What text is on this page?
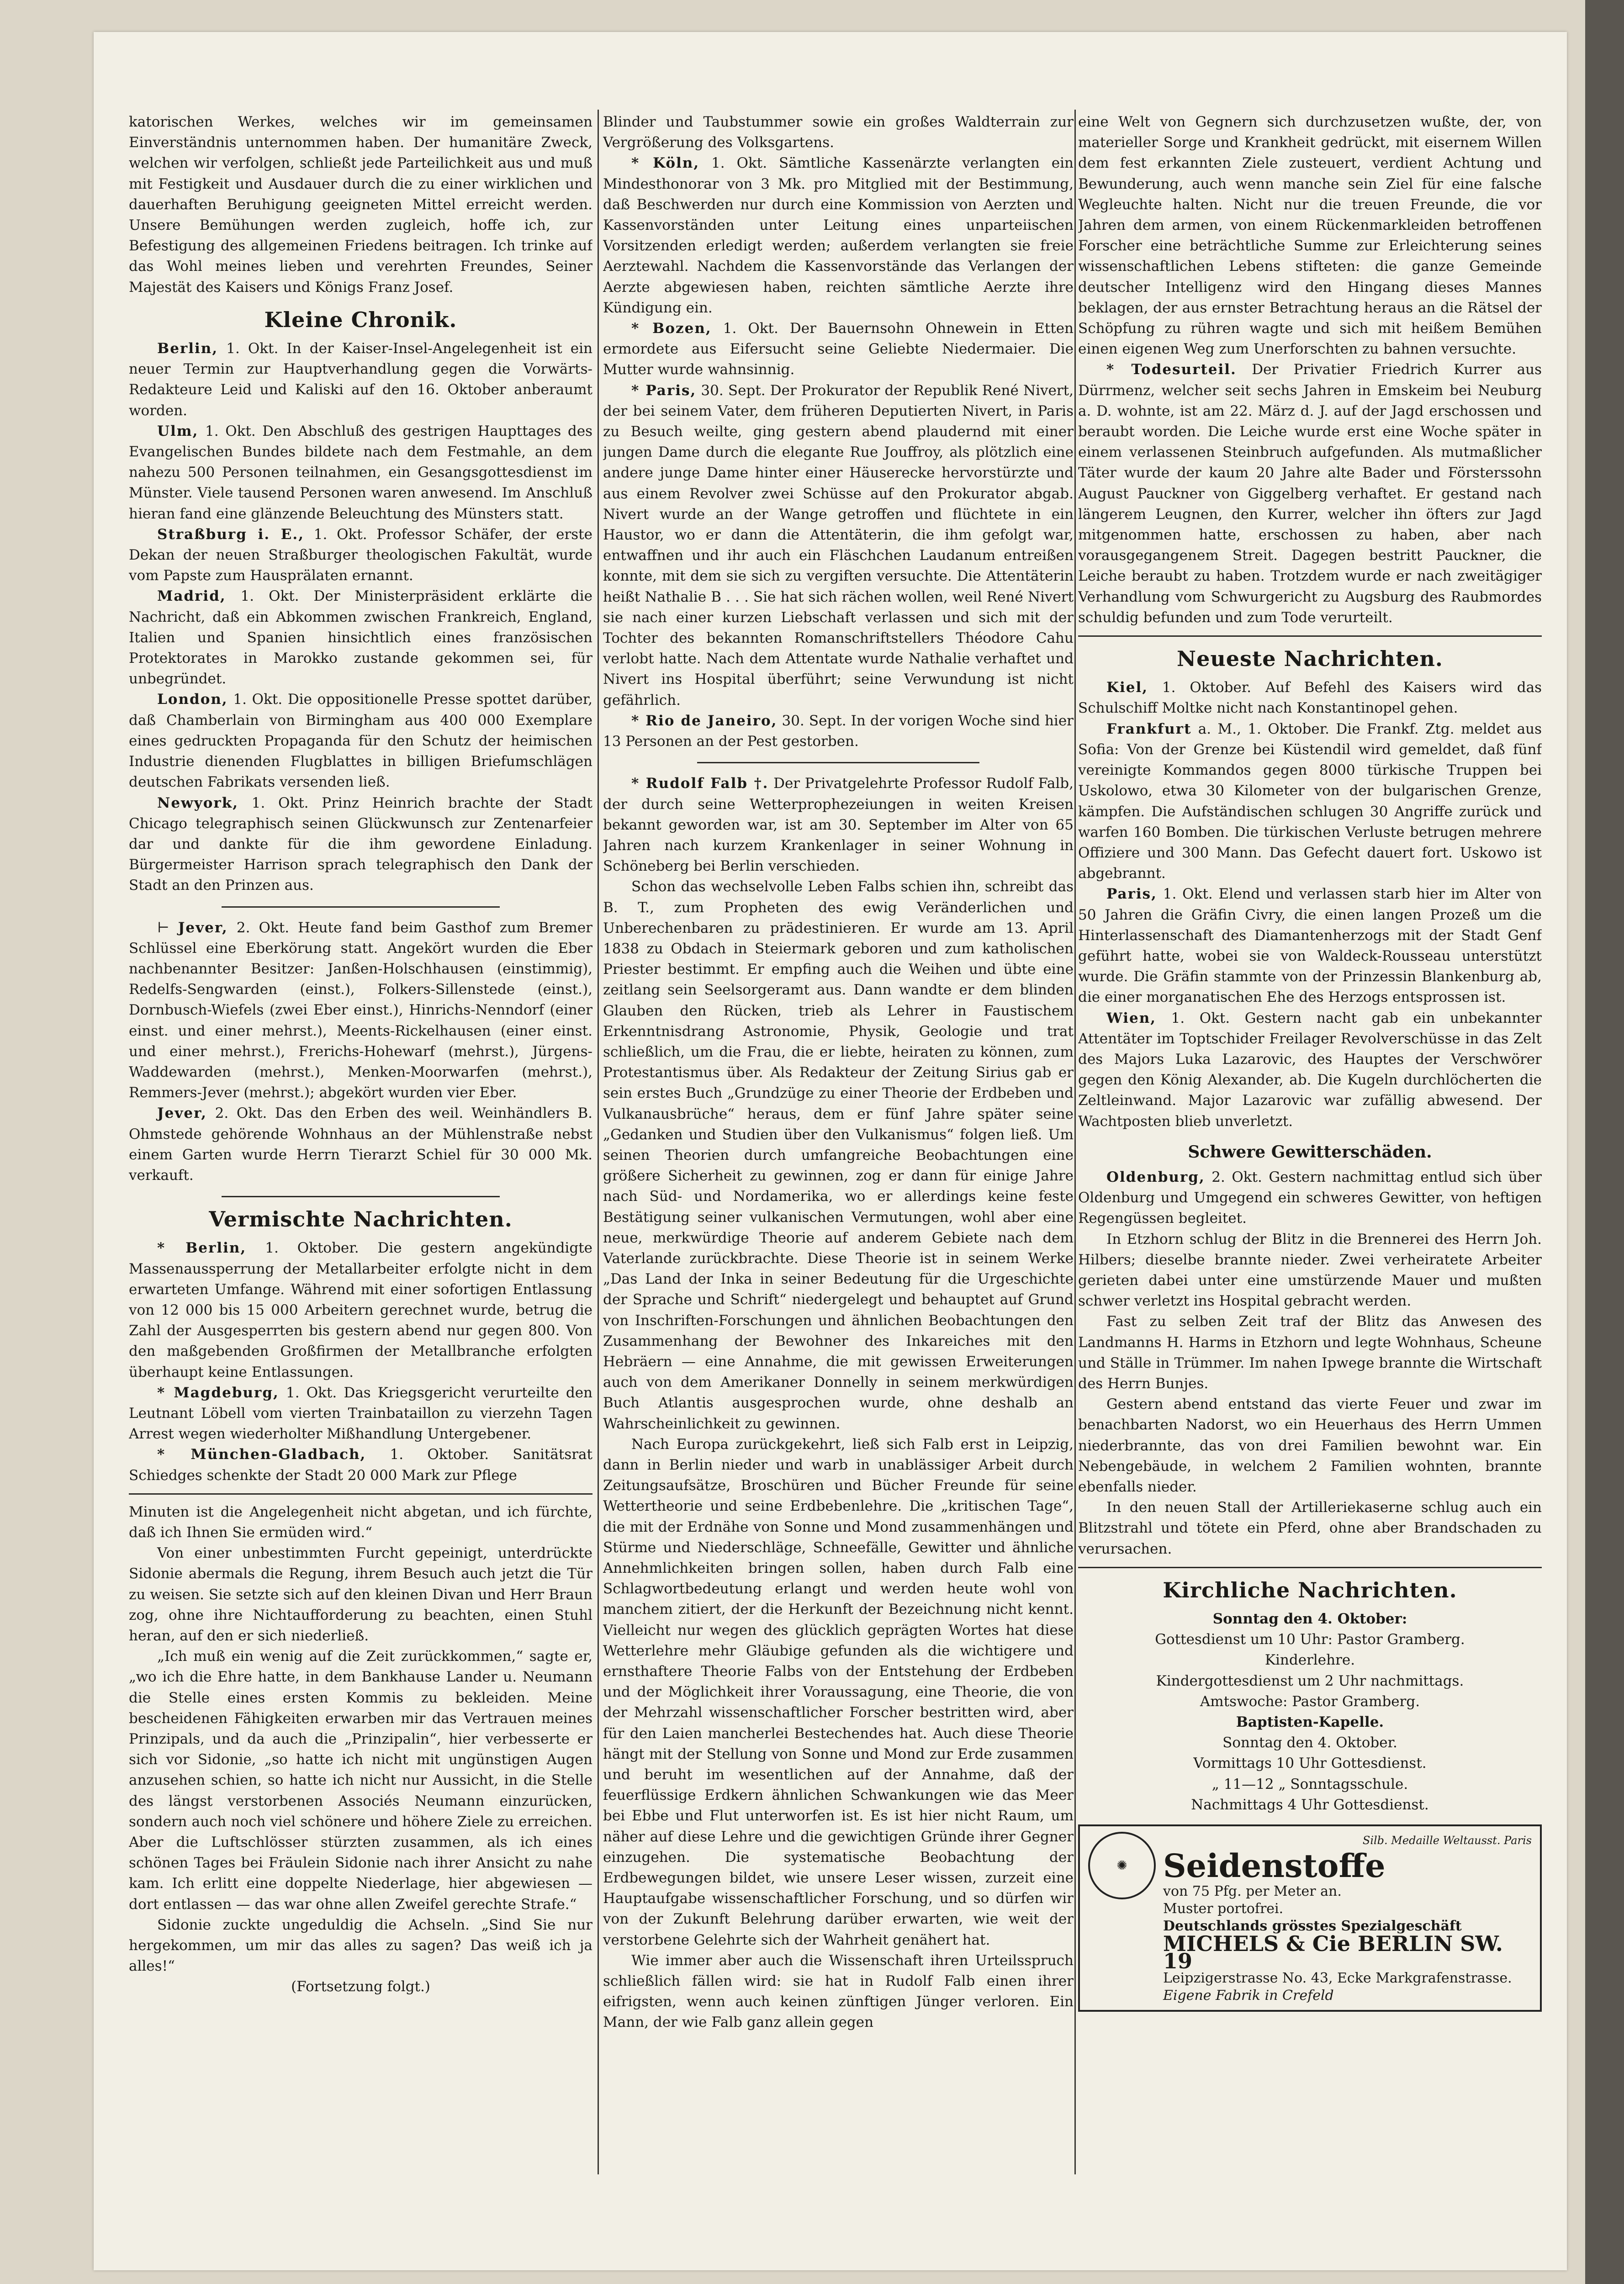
katorischen Werkes, welches wir im gemeinsamen Einverständnis unternommen haben. Der humanitäre Zweck, welchen wir verfolgen, schließt jede Parteilichkeit aus und muß mit Festigkeit und Ausdauer durch die zu einer wirklichen und dauerhaften Beruhigung geeigneten Mittel erreicht werden. Unsere Bemühungen werden zugleich, hoffe ich, zur Befestigung des allgemeinen Friedens beitragen. Ich trinke auf das Wohl meines lieben und verehrten Freundes, Seiner Majestät des Kaisers und Königs Franz Josef.

Kleine Chronik.

Berlin, 1. Okt. In der Kaiser-Insel-Angelegenheit ist ein neuer Termin zur Hauptverhandlung gegen die Vorwärts-Redakteure Leid und Kaliski auf den 16. Oktober anberaumt worden.

Ulm, 1. Okt. Den Abschluß des gestrigen Haupttages des Evangelischen Bundes bildete nach dem Festmahle, an dem nahezu 500 Personen teilnahmen, ein Gesangsgottesdienst im Münster. Viele tausend Personen waren anwesend. Im Anschluß hieran fand eine glänzende Beleuchtung des Münsters statt.

Straßburg i. E., 1. Okt. Professor Schäfer, der erste Dekan der neuen Straßburger theologischen Fakultät, wurde vom Papste zum Hausprälaten ernannt.

Madrid, 1. Okt. Der Ministerpräsident erklärte die Nachricht, daß ein Abkommen zwischen Frankreich, England, Italien und Spanien hinsichtlich eines französischen Protektorates in Marokko zustande gekommen sei, für unbegründet.

London, 1. Okt. Die oppositionelle Presse spottet darüber, daß Chamberlain von Birmingham aus 400 000 Exemplare eines gedruckten Propaganda für den Schutz der heimischen Industrie dienenden Flugblattes in billigen Briefumschlägen deutschen Fabrikats versenden ließ.

Newyork, 1. Okt. Prinz Heinrich brachte der Stadt Chicago telegraphisch seinen Glückwunsch zur Zentenarfeier dar und dankte für die ihm gewordene Einladung. Bürgermeister Harrison sprach telegraphisch den Dank der Stadt an den Prinzen aus.

⊢ Jever, 2. Okt. Heute fand beim Gasthof zum Bremer Schlüssel eine Eberkörung statt. Angekört wurden die Eber nachbenannter Besitzer: Janßen-Holschhausen (einstimmig), Redelfs-Sengwarden (einst.), Folkers-Sillenstede (einst.), Dornbusch-Wiefels (zwei Eber einst.), Hinrichs-Nenndorf (einer einst. und einer mehrst.), Meents-Rickelhausen (einer einst. und einer mehrst.), Frerichs-Hohewarf (mehrst.), Jürgens-Waddewarden (mehrst.), Menken-Moorwarfen (mehrst.), Remmers-Jever (mehrst.); abgekört wurden vier Eber.

Jever, 2. Okt. Das den Erben des weil. Weinhändlers B. Ohmstede gehörende Wohnhaus an der Mühlenstraße nebst einem Garten wurde Herrn Tierarzt Schiel für 30 000 Mk. verkauft.

Vermischte Nachrichten.

* Berlin, 1. Oktober. Die gestern angekündigte Massenaussperrung der Metallarbeiter erfolgte nicht in dem erwarteten Umfange. Während mit einer sofortigen Entlassung von 12 000 bis 15 000 Arbeitern gerechnet wurde, betrug die Zahl der Ausgesperrten bis gestern abend nur gegen 800. Von den maßgebenden Großfirmen der Metallbranche erfolgten überhaupt keine Entlassungen.

* Magdeburg, 1. Okt. Das Kriegsgericht verurteilte den Leutnant Löbell vom vierten Trainbataillon zu vierzehn Tagen Arrest wegen wiederholter Mißhandlung Untergebener.

* München-Gladbach, 1. Oktober. Sanitätsrat Schiedges schenkte der Stadt 20 000 Mark zur Pflege

Minuten ist die Angelegenheit nicht abgetan, und ich fürchte, daß ich Ihnen Sie ermüden wird.“

Von einer unbestimmten Furcht gepeinigt, unterdrückte Sidonie abermals die Regung, ihrem Besuch auch jetzt die Tür zu weisen. Sie setzte sich auf den kleinen Divan und Herr Braun zog, ohne ihre Nichtaufforderung zu beachten, einen Stuhl heran, auf den er sich niederließ.

„Ich muß ein wenig auf die Zeit zurückkommen,“ sagte er, „wo ich die Ehre hatte, in dem Bankhause Lander u. Neumann die Stelle eines ersten Kommis zu bekleiden. Meine bescheidenen Fähigkeiten erwarben mir das Vertrauen meines Prinzipals, und da auch die „Prinzipalin“, hier verbesserte er sich vor Sidonie, „so hatte ich nicht mit ungünstigen Augen anzusehen schien, so hatte ich nicht nur Aussicht, in die Stelle des längst verstorbenen Associés Neumann einzurücken, sondern auch noch viel schönere und höhere Ziele zu erreichen. Aber die Luftschlösser stürzten zusammen, als ich eines schönen Tages bei Fräulein Sidonie nach ihrer Ansicht zu nahe kam. Ich erlitt eine doppelte Niederlage, hier abgewiesen — dort entlassen — das war ohne allen Zweifel gerechte Strafe.“

Sidonie zuckte ungeduldig die Achseln. „Sind Sie nur hergekommen, um mir das alles zu sagen? Das weiß ich ja alles!“

(Fortsetzung folgt.)

Blinder und Taubstummer sowie ein großes Waldterrain zur Vergrößerung des Volksgartens.

* Köln, 1. Okt. Sämtliche Kassenärzte verlangten ein Mindesthonorar von 3 Mk. pro Mitglied mit der Bestimmung, daß Beschwerden nur durch eine Kommission von Aerzten und Kassenvorständen unter Leitung eines unparteiischen Vorsitzenden erledigt werden; außerdem verlangten sie freie Aerztewahl. Nachdem die Kassenvorstände das Verlangen der Aerzte abgewiesen haben, reichten sämtliche Aerzte ihre Kündigung ein.

* Bozen, 1. Okt. Der Bauernsohn Ohnewein in Etten ermordete aus Eifersucht seine Geliebte Niedermaier. Die Mutter wurde wahnsinnig.

* Paris, 30. Sept. Der Prokurator der Republik René Nivert, der bei seinem Vater, dem früheren Deputierten Nivert, in Paris zu Besuch weilte, ging gestern abend plaudernd mit einer jungen Dame durch die elegante Rue Jouffroy, als plötzlich eine andere junge Dame hinter einer Häuserecke hervorstürzte und aus einem Revolver zwei Schüsse auf den Prokurator abgab. Nivert wurde an der Wange getroffen und flüchtete in ein Haustor, wo er dann die Attentäterin, die ihm gefolgt war, entwaffnen und ihr auch ein Fläschchen Laudanum entreißen konnte, mit dem sie sich zu vergiften versuchte. Die Attentäterin heißt Nathalie B . . . Sie hat sich rächen wollen, weil René Nivert sie nach einer kurzen Liebschaft verlassen und sich mit der Tochter des bekannten Romanschriftstellers Théodore Cahu verlobt hatte. Nach dem Attentate wurde Nathalie verhaftet und Nivert ins Hospital überführt; seine Verwundung ist nicht gefährlich.

* Rio de Janeiro, 30. Sept. In der vorigen Woche sind hier 13 Personen an der Pest gestorben.

* Rudolf Falb †. Der Privatgelehrte Professor Rudolf Falb, der durch seine Wetterprophezeiungen in weiten Kreisen bekannt geworden war, ist am 30. September im Alter von 65 Jahren nach kurzem Krankenlager in seiner Wohnung in Schöneberg bei Berlin verschieden.

Schon das wechselvolle Leben Falbs schien ihn, schreibt das B. T., zum Propheten des ewig Veränderlichen und Unberechenbaren zu prädestinieren. Er wurde am 13. April 1838 zu Obdach in Steiermark geboren und zum katholischen Priester bestimmt. Er empfing auch die Weihen und übte eine zeitlang sein Seelsorgeramt aus. Dann wandte er dem blinden Glauben den Rücken, trieb als Lehrer in Faustischem Erkenntnisdrang Astronomie, Physik, Geologie und trat schließlich, um die Frau, die er liebte, heiraten zu können, zum Protestantismus über. Als Redakteur der Zeitung Sirius gab er sein erstes Buch „Grundzüge zu einer Theorie der Erdbeben und Vulkanausbrüche“ heraus, dem er fünf Jahre später seine „Gedanken und Studien über den Vulkanismus“ folgen ließ. Um seinen Theorien durch umfangreiche Beobachtungen eine größere Sicherheit zu gewinnen, zog er dann für einige Jahre nach Süd- und Nordamerika, wo er allerdings keine feste Bestätigung seiner vulkanischen Vermutungen, wohl aber eine neue, merkwürdige Theorie auf anderem Gebiete nach dem Vaterlande zurückbrachte. Diese Theorie ist in seinem Werke „Das Land der Inka in seiner Bedeutung für die Urgeschichte der Sprache und Schrift“ niedergelegt und behauptet auf Grund von Inschriften-Forschungen und ähnlichen Beobachtungen den Zusammenhang der Bewohner des Inkareiches mit den Hebräern — eine Annahme, die mit gewissen Erweiterungen auch von dem Amerikaner Donnelly in seinem merkwürdigen Buch Atlantis ausgesprochen wurde, ohne deshalb an Wahrscheinlichkeit zu gewinnen.

Nach Europa zurückgekehrt, ließ sich Falb erst in Leipzig, dann in Berlin nieder und warb in unablässiger Arbeit durch Zeitungsaufsätze, Broschüren und Bücher Freunde für seine Wettertheorie und seine Erdbebenlehre. Die „kritischen Tage“, die mit der Erdnähe von Sonne und Mond zusammenhängen und Stürme und Niederschläge, Schneefälle, Gewitter und ähnliche Annehmlichkeiten bringen sollen, haben durch Falb eine Schlagwortbedeutung erlangt und werden heute wohl von manchem zitiert, der die Herkunft der Bezeichnung nicht kennt. Vielleicht nur wegen des glücklich geprägten Wortes hat diese Wetterlehre mehr Gläubige gefunden als die wichtigere und ernsthaftere Theorie Falbs von der Entstehung der Erdbeben und der Möglichkeit ihrer Voraussagung, eine Theorie, die von der Mehrzahl wissenschaftlicher Forscher bestritten wird, aber für den Laien mancherlei Bestechendes hat. Auch diese Theorie hängt mit der Stellung von Sonne und Mond zur Erde zusammen und beruht im wesentlichen auf der Annahme, daß der feuerflüssige Erdkern ähnlichen Schwankungen wie das Meer bei Ebbe und Flut unterworfen ist. Es ist hier nicht Raum, um näher auf diese Lehre und die gewichtigen Gründe ihrer Gegner einzugehen. Die systematische Beobachtung der Erdbewegungen bildet, wie unsere Leser wissen, zurzeit eine Hauptaufgabe wissenschaftlicher Forschung, und so dürfen wir von der Zukunft Belehrung darüber erwarten, wie weit der verstorbene Gelehrte sich der Wahrheit genähert hat.

Wie immer aber auch die Wissenschaft ihren Urteilsspruch schließlich fällen wird: sie hat in Rudolf Falb einen ihrer eifrigsten, wenn auch keinen zünftigen Jünger verloren. Ein Mann, der wie Falb ganz allein gegen

eine Welt von Gegnern sich durchzusetzen wußte, der, von materieller Sorge und Krankheit gedrückt, mit eisernem Willen dem fest erkannten Ziele zusteuert, verdient Achtung und Bewunderung, auch wenn manche sein Ziel für eine falsche Wegleuchte halten. Nicht nur die treuen Freunde, die vor Jahren dem armen, von einem Rückenmarkleiden betroffenen Forscher eine beträchtliche Summe zur Erleichterung seines wissenschaftlichen Lebens stifteten: die ganze Gemeinde deutscher Intelligenz wird den Hingang dieses Mannes beklagen, der aus ernster Betrachtung heraus an die Rätsel der Schöpfung zu rühren wagte und sich mit heißem Bemühen einen eigenen Weg zum Unerforschten zu bahnen versuchte.

* Todesurteil. Der Privatier Friedrich Kurrer aus Dürrmenz, welcher seit sechs Jahren in Emskeim bei Neuburg a. D. wohnte, ist am 22. März d. J. auf der Jagd erschossen und beraubt worden. Die Leiche wurde erst eine Woche später in einem verlassenen Steinbruch aufgefunden. Als mutmaßlicher Täter wurde der kaum 20 Jahre alte Bader und Försterssohn August Pauckner von Giggelberg verhaftet. Er gestand nach längerem Leugnen, den Kurrer, welcher ihn öfters zur Jagd mitgenommen hatte, erschossen zu haben, aber nach vorausgegangenem Streit. Dagegen bestritt Pauckner, die Leiche beraubt zu haben. Trotzdem wurde er nach zweitägiger Verhandlung vom Schwurgericht zu Augsburg des Raubmordes schuldig befunden und zum Tode verurteilt.

Neueste Nachrichten.

Kiel, 1. Oktober. Auf Befehl des Kaisers wird das Schulschiff Moltke nicht nach Konstantinopel gehen.

Frankfurt a. M., 1. Oktober. Die Frankf. Ztg. meldet aus Sofia: Von der Grenze bei Küstendil wird gemeldet, daß fünf vereinigte Kommandos gegen 8000 türkische Truppen bei Uskolowo, etwa 30 Kilometer von der bulgarischen Grenze, kämpfen. Die Aufständischen schlugen 30 Angriffe zurück und warfen 160 Bomben. Die türkischen Verluste betrugen mehrere Offiziere und 300 Mann. Das Gefecht dauert fort. Uskowo ist abgebrannt.

Paris, 1. Okt. Elend und verlassen starb hier im Alter von 50 Jahren die Gräfin Civry, die einen langen Prozeß um die Hinterlassenschaft des Diamantenherzogs mit der Stadt Genf geführt hatte, wobei sie von Waldeck-Rousseau unterstützt wurde. Die Gräfin stammte von der Prinzessin Blankenburg ab, die einer morganatischen Ehe des Herzogs entsprossen ist.

Wien, 1. Okt. Gestern nacht gab ein unbekannter Attentäter im Toptschider Freilager Revolverschüsse in das Zelt des Majors Luka Lazarovic, des Hauptes der Verschwörer gegen den König Alexander, ab. Die Kugeln durchlöcherten die Zeltleinwand. Major Lazarovic war zufällig abwesend. Der Wachtposten blieb unverletzt.

Schwere Gewitterschäden.

Oldenburg, 2. Okt. Gestern nachmittag entlud sich über Oldenburg und Umgegend ein schweres Gewitter, von heftigen Regengüssen begleitet.

In Etzhorn schlug der Blitz in die Brennerei des Herrn Joh. Hilbers; dieselbe brannte nieder. Zwei verheiratete Arbeiter gerieten dabei unter eine umstürzende Mauer und mußten schwer verletzt ins Hospital gebracht werden.

Fast zu selben Zeit traf der Blitz das Anwesen des Landmanns H. Harms in Etzhorn und legte Wohnhaus, Scheune und Ställe in Trümmer. Im nahen Ipwege brannte die Wirtschaft des Herrn Bunjes.

Gestern abend entstand das vierte Feuer und zwar im benachbarten Nadorst, wo ein Heuerhaus des Herrn Ummen niederbrannte, das von drei Familien bewohnt war. Ein Nebengebäude, in welchem 2 Familien wohnten, brannte ebenfalls nieder.

In den neuen Stall der Artilleriekaserne schlug auch ein Blitzstrahl und tötete ein Pferd, ohne aber Brandschaden zu verursachen.

Kirchliche Nachrichten.

Sonntag den 4. Oktober:

Gottesdienst um 10 Uhr: Pastor Gramberg.

Kinderlehre.

Kindergottesdienst um 2 Uhr nachmittags.

Amtswoche: Pastor Gramberg.

Baptisten-Kapelle.

Sonntag den 4. Oktober.

Vormittags 10 Uhr Gottesdienst.

„ 11—12 „ Sonntagsschule.

Nachmittags 4 Uhr Gottesdienst.

✺
Silb. Medaille Weltausst. Paris
Seidenstoffe
von 75 Pfg. per Meter an.
Muster portofrei.
Deutschlands grösstes Spezialgeschäft
MICHELS & Cie BERLIN SW. 19
Leipzigerstrasse No. 43, Ecke Markgrafenstrasse.
Eigene Fabrik in Crefeld
